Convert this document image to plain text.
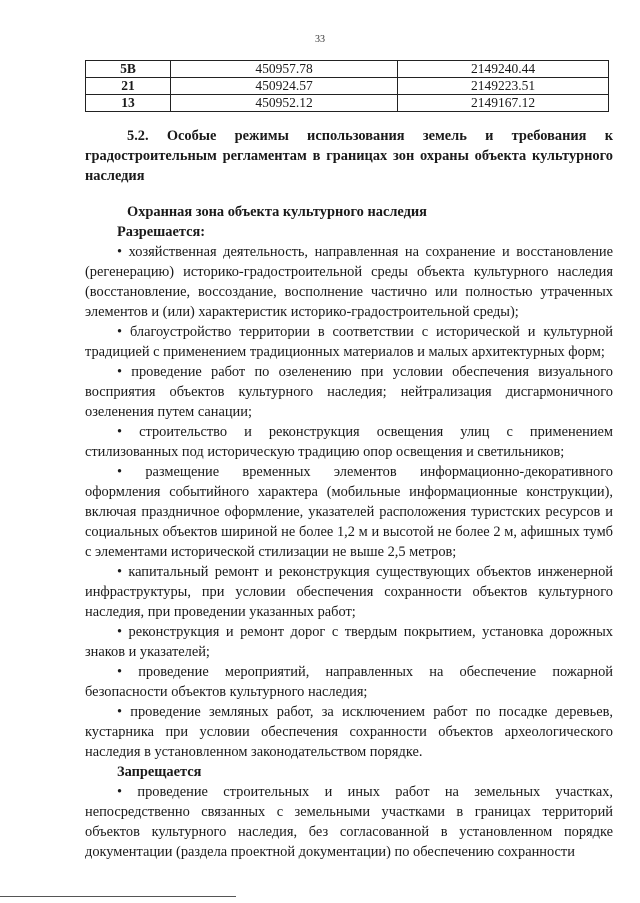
33
5В	450957.78	2149240.44
21	450924.57	2149223.51
13	450952.12	2149167.12

5.2. Особые режимы использования земель и требования к градостроительным регламентам в границах зон охраны объекта культурного наследия

Охранная зона объекта культурного наследия

Разрешается:

• хозяйственная деятельность, направленная на сохранение и восстановление (регенерацию) историко-градостроительной среды объекта культурного наследия (восстановление, воссоздание, восполнение частично или полностью утраченных элементов и (или) характеристик историко-градостроительной среды);

• благоустройство территории в соответствии с исторической и культурной традицией с применением традиционных материалов и малых архитектурных форм;

• проведение работ по озеленению при условии обеспечения визуального восприятия объектов культурного наследия; нейтрализация дисгармоничного озеленения путем санации;

• строительство и реконструкция освещения улиц с применением стилизованных под историческую традицию опор освещения и светильников;

• размещение временных элементов информационно-декоративного оформления событийного характера (мобильные информационные конструкции), включая праздничное оформление, указателей расположения туристских ресурсов и социальных объектов шириной не более 1,2 м и высотой не более 2 м, афишных тумб с элементами исторической стилизации не выше 2,5 метров;

• капитальный ремонт и реконструкция существующих объектов инженерной инфраструктуры, при условии обеспечения сохранности объектов культурного наследия, при проведении указанных работ;

• реконструкция и ремонт дорог с твердым покрытием, установка дорожных знаков и указателей;

• проведение мероприятий, направленных на обеспечение пожарной безопасности объектов культурного наследия;

• проведение земляных работ, за исключением работ по посадке деревьев, кустарника при условии обеспечения сохранности объектов археологического наследия в установленном законодательством порядке.

Запрещается

• проведение строительных и иных работ на земельных участках, непосредственно связанных с земельными участками в границах территорий объектов культурного наследия, без согласованной в установленном порядке документации (раздела проектной документации) по обеспечению сохранности
